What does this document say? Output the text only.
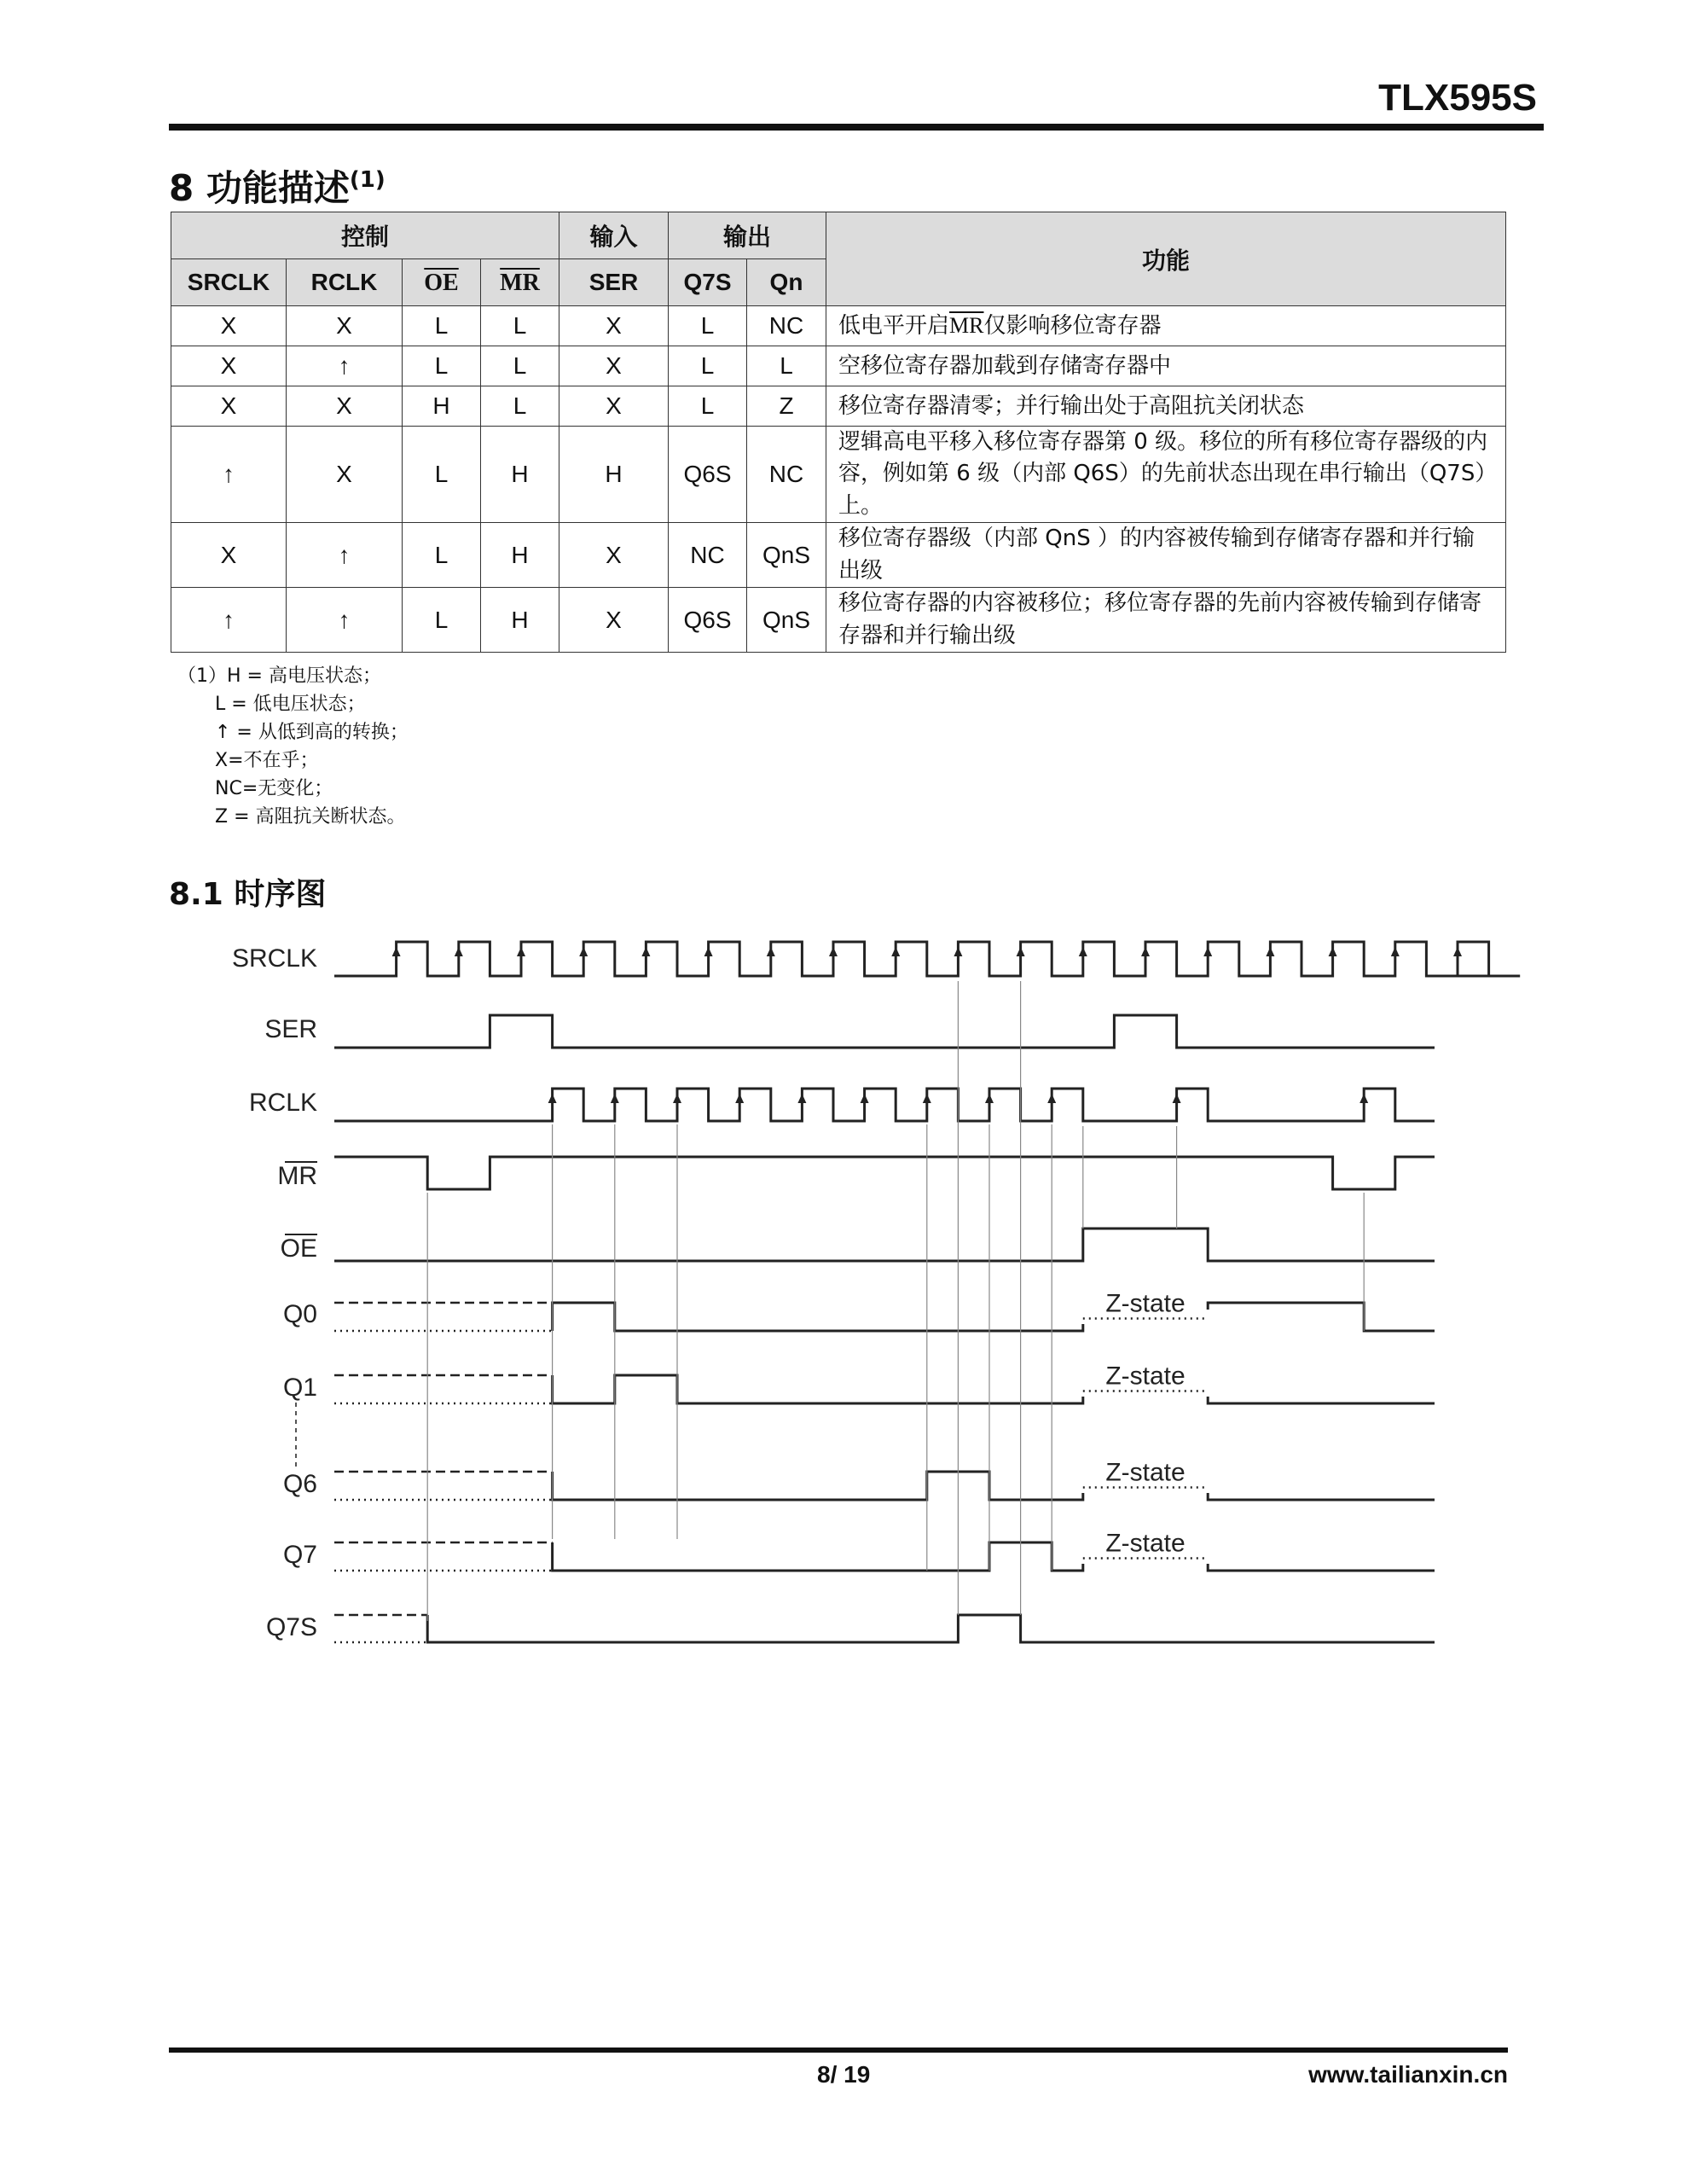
TLX595S
8 功能描述$^{(1)}$
控制				输入	输出		功能
SRCLK	RCLK	$\overline{OE}$	$\overline{MR}$	SER	Q7S	Qn	
X	X	L	L	X	L	NC	低电平开启$\overline{MR}$仅影响移位寄存器
X	↑	L	L	X	L	L	空移位寄存器加载到存储寄存器中
X	X	H	L	X	L	Z	移位寄存器清零；并行输出处于高阻抗关闭状态
↑	X	L	H	H	Q6S	NC	逻辑高电平移入移位寄存器第 0 级。移位的所有移位寄存器级的内容，例如第 6 级（内部 Q6S）的先前状态出现在串行输出（Q7S）上。
X	↑	L	H	X	NC	QnS	移位寄存器级（内部 QnS ）的内容被传输到存储寄存器和并行输出级
↑	↑	L	H	X	Q6S	QnS	移位寄存器的内容被移位；移位寄存器的先前内容被传输到存储寄存器和并行输出级
（1）H = 高电压状态；
L = 低电压状态；
↑ = 从低到高的转换；
X=不在乎；
NC=无变化；
Z = 高阻抗关断状态。
8.1 时序图
SRCLK
SER
RCLK
MR
OE
Q0
Q1
Q6
Q7
Q7S
Z-state
Z-state
Z-state
Z-state
8/ 19	www.tailianxin.cn
